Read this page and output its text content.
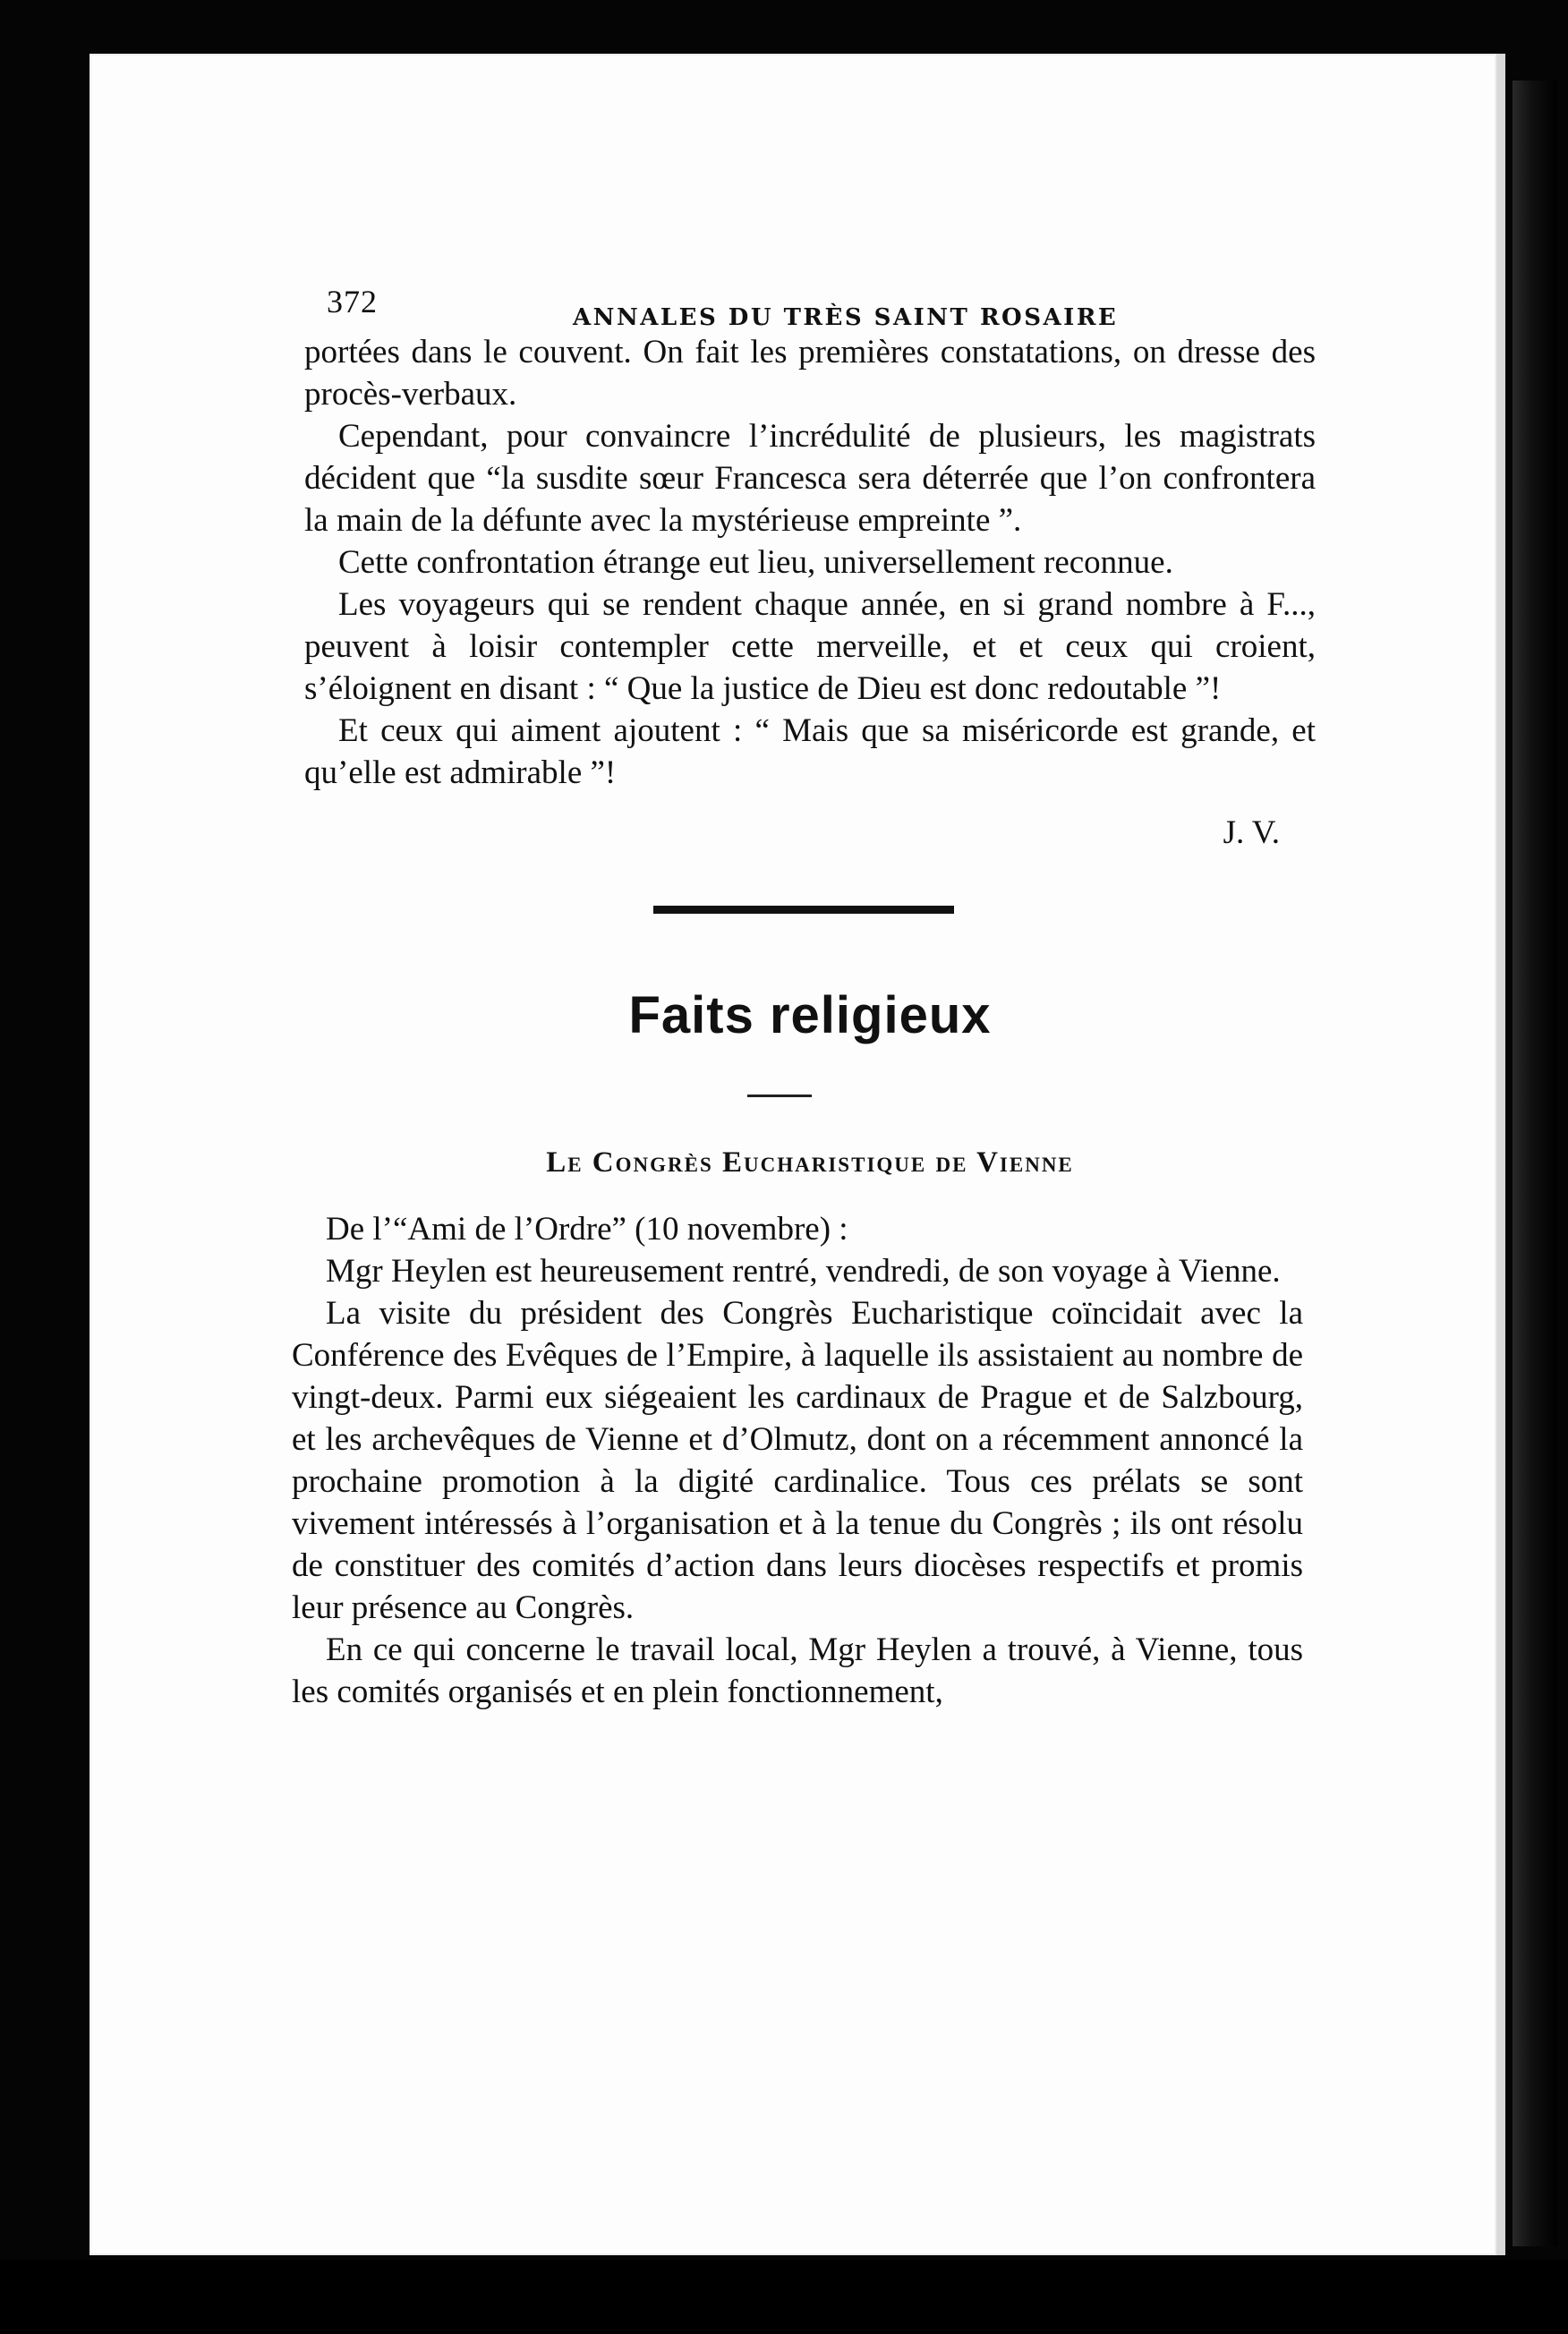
372	ANNALES DU TRÈS SAINT ROSAIRE

portées dans le couvent. On fait les premières constatations, on dresse des procès-verbaux.

Cependant, pour convaincre l’incrédulité de plusieurs, les magistrats décident que “la susdite sœur Francesca sera déterrée que l’on confrontera la main de la défunte avec la mystérieuse empreinte ”.

Cette confrontation étrange eut lieu, universellement reconnue.

Les voyageurs qui se rendent chaque année, en si grand nombre à F..., peuvent à loisir contempler cette merveille, et et ceux qui croient, s’éloignent en disant : “ Que la justice de Dieu est donc redoutable ”!

Et ceux qui aiment ajoutent : “ Mais que sa miséricorde est grande, et qu’elle est admirable ”!

J. V.
Faits religieux
Le Congrès Eucharistique de Vienne

De l’“Ami de l’Ordre” (10 novembre) :

Mgr Heylen est heureusement rentré, vendredi, de son voyage à Vienne.

La visite du président des Congrès Eucharistique coïncidait avec la Conférence des Evêques de l’Empire, à laquelle ils assistaient au nombre de vingt-deux. Parmi eux siégeaient les cardinaux de Prague et de Salzbourg, et les archevêques de Vienne et d’Olmutz, dont on a récemment annoncé la prochaine promotion à la digité cardinalice. Tous ces prélats se sont vivement intéressés à l’organisation et à la tenue du Congrès ; ils ont résolu de constituer des comités d’action dans leurs diocèses respectifs et promis leur présence au Congrès.

En ce qui concerne le travail local, Mgr Heylen a trouvé, à Vienne, tous les comités organisés et en plein fonctionnement,
